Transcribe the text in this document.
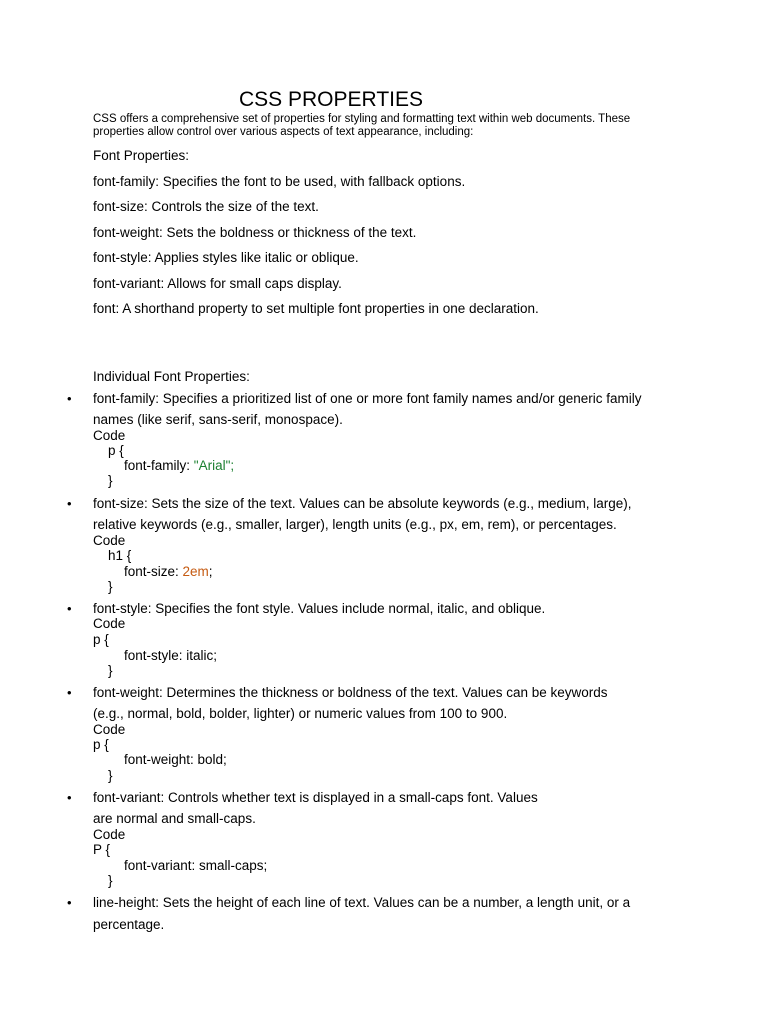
CSS PROPERTIES

CSS offers a comprehensive set of properties for styling and formatting text within web documents. These properties allow control over various aspects of text appearance, including:

Font Properties:

font-family: Specifies the font to be used, with fallback options.

font-size: Controls the size of the text.

font-weight: Sets the boldness or thickness of the text.

font-style: Applies styles like italic or oblique.

font-variant: Allows for small caps display.

font: A shorthand property to set multiple font properties in one declaration.

Individual Font Properties:

• font-family: Specifies a prioritized list of one or more font family names and/or generic family
names (like serif, sans-serif, monospace).
Code
p {
font-family: "Arial";
}
• font-size: Sets the size of the text. Values can be absolute keywords (e.g., medium, large),
relative keywords (e.g., smaller, larger), length units (e.g., px, em, rem), or percentages.
Code
h1 {
font-size: 2em;
}
• font-style: Specifies the font style. Values include normal, italic, and oblique.
Code
p {
font-style: italic;
}
• font-weight: Determines the thickness or boldness of the text. Values can be keywords
(e.g., normal, bold, bolder, lighter) or numeric values from 100 to 900.
Code
p {
font-weight: bold;
}
• font-variant: Controls whether text is displayed in a small-caps font. Values
are normal and small-caps.
Code
P {
font-variant: small-caps;
}
• line-height: Sets the height of each line of text. Values can be a number, a length unit, or a
percentage.
